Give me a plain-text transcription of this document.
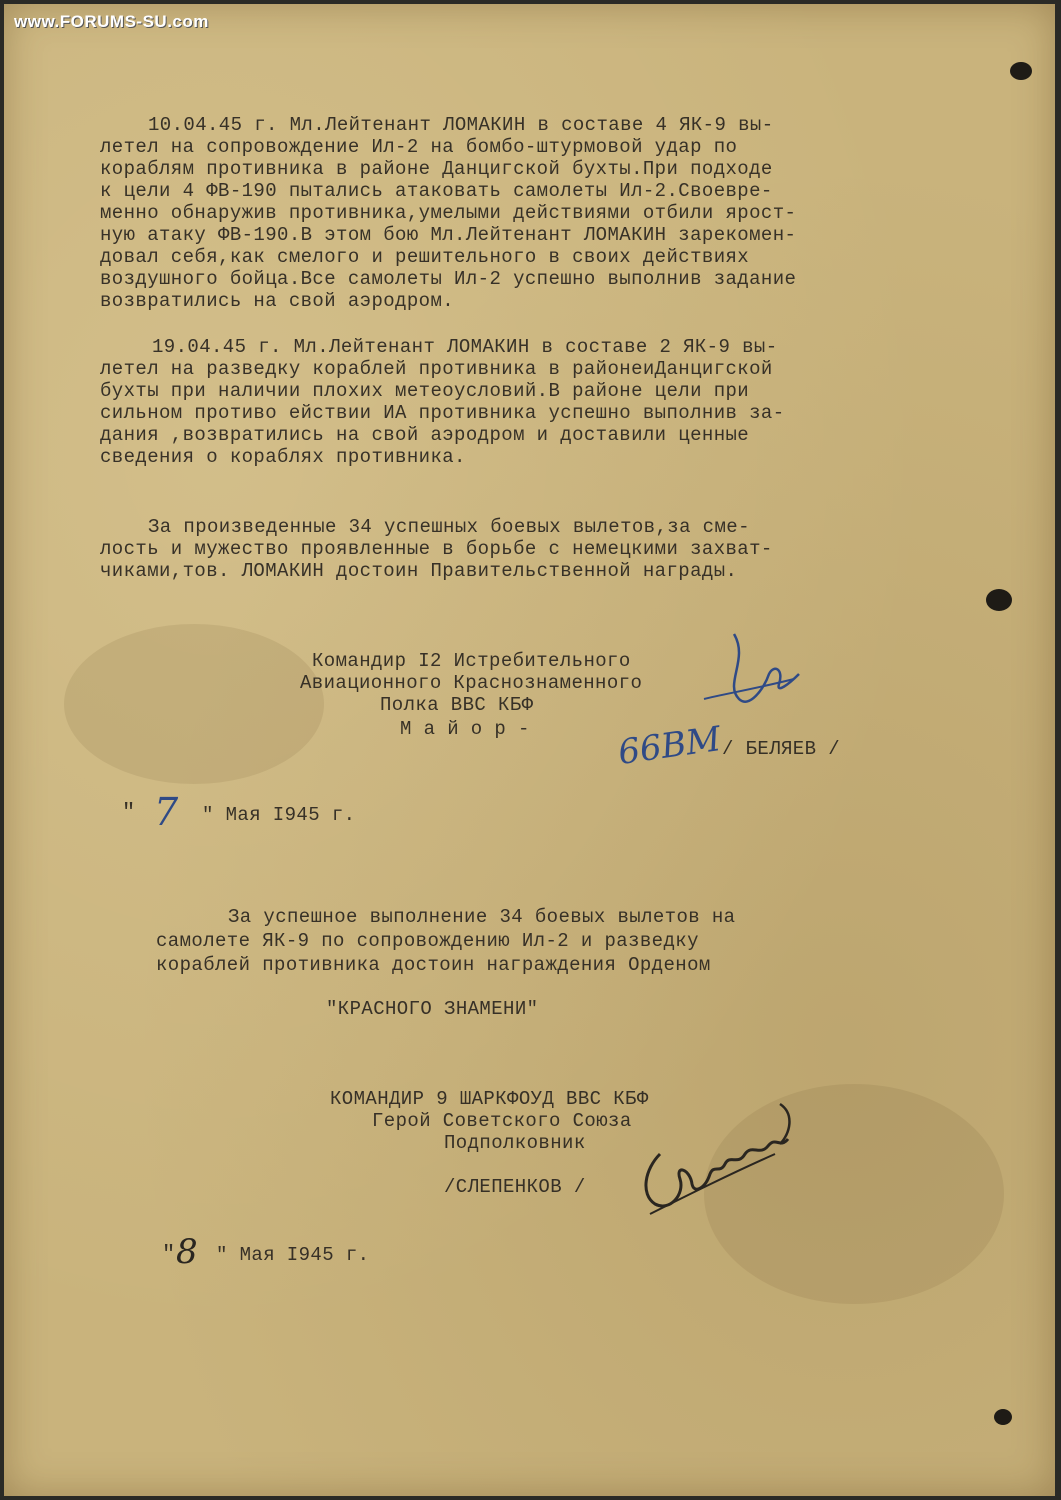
www.FORUMS-SU.com
10.04.45 г. Мл.Лейтенант ЛОМАКИН в составе 4 ЯК-9 вы-
летел на сопровождение Ил-2 на бомбо-штурмовой удар по
кораблям противника в районе Данцигской бухты.При подходе
к цели 4 ФВ-190 пытались атаковать самолеты Ил-2.Своевре-
менно обнаружив противника,умелыми действиями отбили ярост-
ную атаку ФВ-190.В этом бою Мл.Лейтенант ЛОМАКИН зарекомен-
довал себя,как смелого и решительного в своих действиях
воздушного бойца.Все самолеты Ил-2 успешно выполнив задание
возвратились на свой аэродром.
19.04.45 г. Мл.Лейтенант ЛОМАКИН в составе 2 ЯК-9 вы-
летел на разведку кораблей противника в районеиДанцигской
бухты при наличии плохих метеоусловий.В районе цели при
сильном противо ействии ИА противника успешно выполнив за-
дания ,возвратились на свой аэродром и доставили ценные
сведения о кораблях противника.
За произведенные 34 успешных боевых вылетов,за сме-
лость и мужество проявленные в борьбе с немецкими захват-
чиками,тов. ЛОМАКИН достоин Правительственной награды.
Командир I2 Истребительного
Авиационного Краснознаменного
Полка ВВС КБФ
М а й о р -
/ БЕЛЯЕВ /
66ВМ
" 7 " Мая I945 г.
За успешное выполнение 34 боевых вылетов на
самолете ЯК-9 по сопровождению Ил-2 и разведку
кораблей противника достоин награждения Орденом
"КРАСНОГО ЗНАМЕНИ"
КОМАНДИР 9 ШАРКФОУД ВВС КБФ
Герой Советского Союза
Подполковник
/СЛЕПЕНКОВ /
" 8 " Мая I945 г.
